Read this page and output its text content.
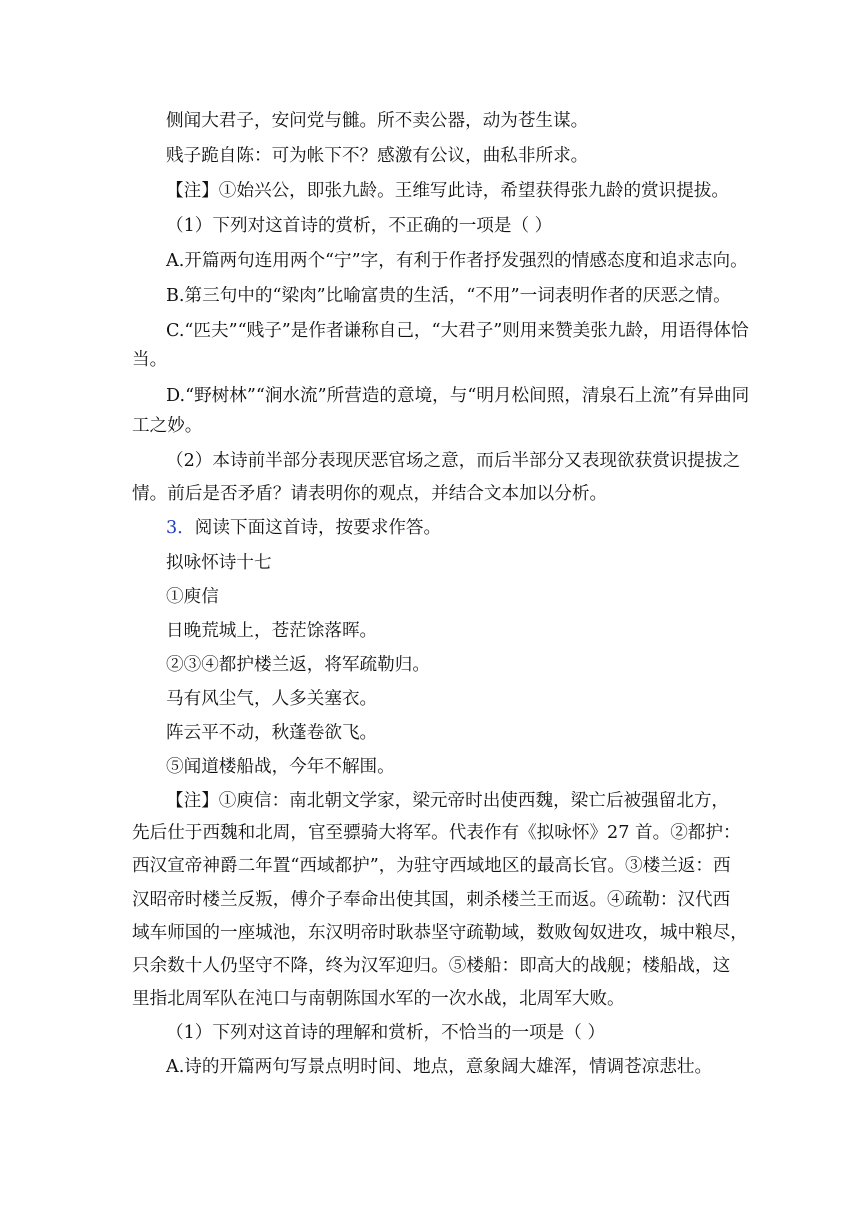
侧闻大君子，安问党与雠。所不卖公器，动为苍生谋。
贱子跪自陈：可为帐下不？感激有公议，曲私非所求。
【注】①始兴公，即张九龄。王维写此诗，希望获得张九龄的赏识提拔。
（1）下列对这首诗的赏析，不正确的一项是（ ）
A.开篇两句连用两个“宁”字，有利于作者抒发强烈的情感态度和追求志向。
B.第三句中的“梁肉”比喻富贵的生活，“不用”一词表明作者的厌恶之情。
C.“匹夫”“贱子”是作者谦称自己，“大君子”则用来赞美张九龄，用语得体恰
当。
D.“野树林”“涧水流”所营造的意境，与“明月松间照，清泉石上流”有异曲同
工之妙。
（2）本诗前半部分表现厌恶官场之意，而后半部分又表现欲获赏识提拔之
情。前后是否矛盾？请表明你的观点，并结合文本加以分析。
3．阅读下面这首诗，按要求作答。
拟咏怀诗十七
①庾信
日晚荒城上，苍茫馀落晖。
②③④都护楼兰返，将军疏勒归。
马有风尘气，人多关塞衣。
阵云平不动，秋蓬卷欲飞。
⑤闻道楼船战，今年不解围。
【注】①庾信：南北朝文学家，梁元帝时出使西魏，梁亡后被强留北方，
先后仕于西魏和北周，官至骠骑大将军。代表作有《拟咏怀》27 首。②都护：
西汉宣帝神爵二年置“西域都护”，为驻守西域地区的最高长官。③楼兰返：西
汉昭帝时楼兰反叛，傅介子奉命出使其国，刺杀楼兰王而返。④疏勒：汉代西
域车师国的一座城池，东汉明帝时耿恭坚守疏勒域，数败匈奴进攻，城中粮尽，
只余数十人仍坚守不降，终为汉军迎归。⑤楼船：即高大的战舰；楼船战，这
里指北周军队在沌口与南朝陈国水军的一次水战，北周军大败。
（1）下列对这首诗的理解和赏析，不恰当的一项是（ ）
A.诗的开篇两句写景点明时间、地点，意象阔大雄浑，情调苍凉悲壮。
